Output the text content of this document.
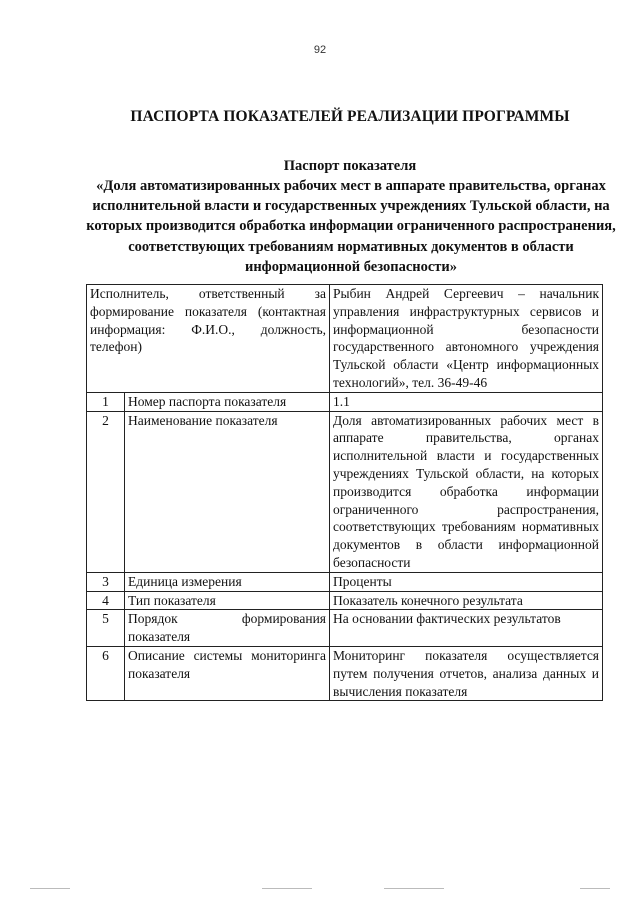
92
ПАСПОРТА ПОКАЗАТЕЛЕЙ РЕАЛИЗАЦИИ ПРОГРАММЫ
Паспорт показателя
«Доля автоматизированных рабочих мест в аппарате правительства, органах исполнительной власти и государственных учреждениях Тульской области, на которых производится обработка информации ограниченного распространения, соответствующих требованиям нормативных документов в области информационной безопасности»
Исполнитель, ответственный за формирование показателя (контактная информация: Ф.И.О., должность, телефон)		Рыбин Андрей Сергеевич – начальник управления инфраструктурных сервисов и информационной безопасности государственного автономного учреждения Тульской области «Центр информационных технологий», тел. 36-49-46
1	Номер паспорта показателя	1.1
2	Наименование показателя	Доля автоматизированных рабочих мест в аппарате правительства, органах исполнительной власти и государственных учреждениях Тульской области, на которых производится обработка информации ограниченного распространения, соответствующих требованиям нормативных документов в области информационной безопасности
3	Единица измерения	Проценты
4	Тип показателя	Показатель конечного результата
5	Порядок формирования показателя	На основании фактических результатов
6	Описание системы мониторинга показателя	Мониторинг показателя осуществляется путем получения отчетов, анализа данных и вычисления показателя
